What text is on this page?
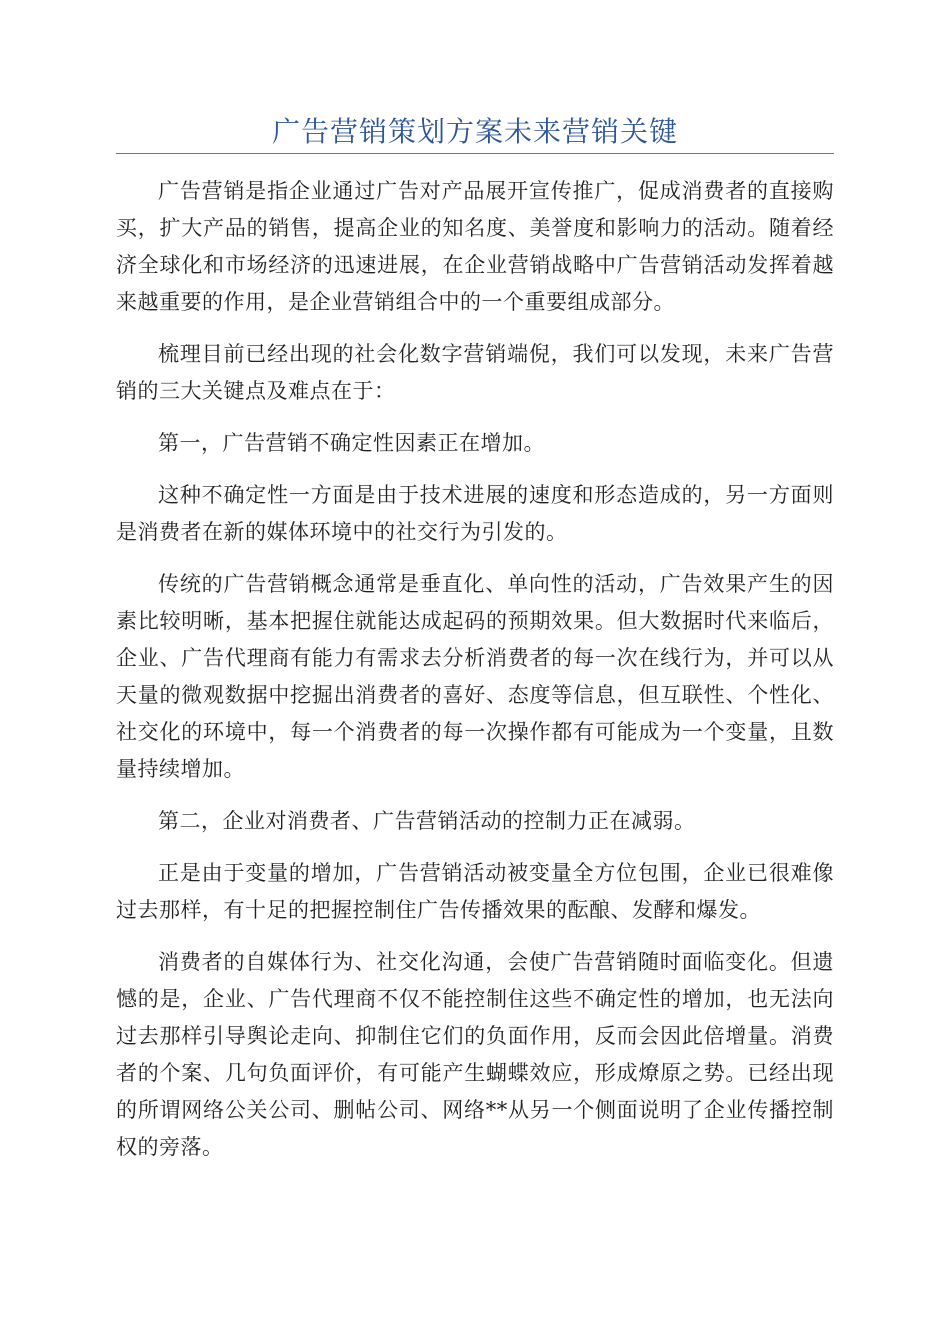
广告营销策划方案未来营销关键

广告营销是指企业通过广告对产品展开宣传推广，促成消费者的直接购买，扩大产品的销售，提高企业的知名度、美誉度和影响力的活动。随着经济全球化和市场经济的迅速进展，在企业营销战略中广告营销活动发挥着越来越重要的作用，是企业营销组合中的一个重要组成部分。

梳理目前已经出现的社会化数字营销端倪，我们可以发现，未来广告营销的三大关键点及难点在于：

第一，广告营销不确定性因素正在增加。

这种不确定性一方面是由于技术进展的速度和形态造成的，另一方面则是消费者在新的媒体环境中的社交行为引发的。

传统的广告营销概念通常是垂直化、单向性的活动，广告效果产生的因素比较明晰，基本把握住就能达成起码的预期效果。但大数据时代来临后，企业、广告代理商有能力有需求去分析消费者的每一次在线行为，并可以从天量的微观数据中挖掘出消费者的喜好、态度等信息，但互联性、个性化、社交化的环境中，每一个消费者的每一次操作都有可能成为一个变量，且数量持续增加。

第二，企业对消费者、广告营销活动的控制力正在减弱。

正是由于变量的增加，广告营销活动被变量全方位包围，企业已很难像过去那样，有十足的把握控制住广告传播效果的酝酿、发酵和爆发。

消费者的自媒体行为、社交化沟通，会使广告营销随时面临变化。但遗憾的是，企业、广告代理商不仅不能控制住这些不确定性的增加，也无法向过去那样引导舆论走向、抑制住它们的负面作用，反而会因此倍增量。消费者的个案、几句负面评价，有可能产生蝴蝶效应，形成燎原之势。已经出现的所谓网络公关公司、删帖公司、网络**从另一个侧面说明了企业传播控制权的旁落。
